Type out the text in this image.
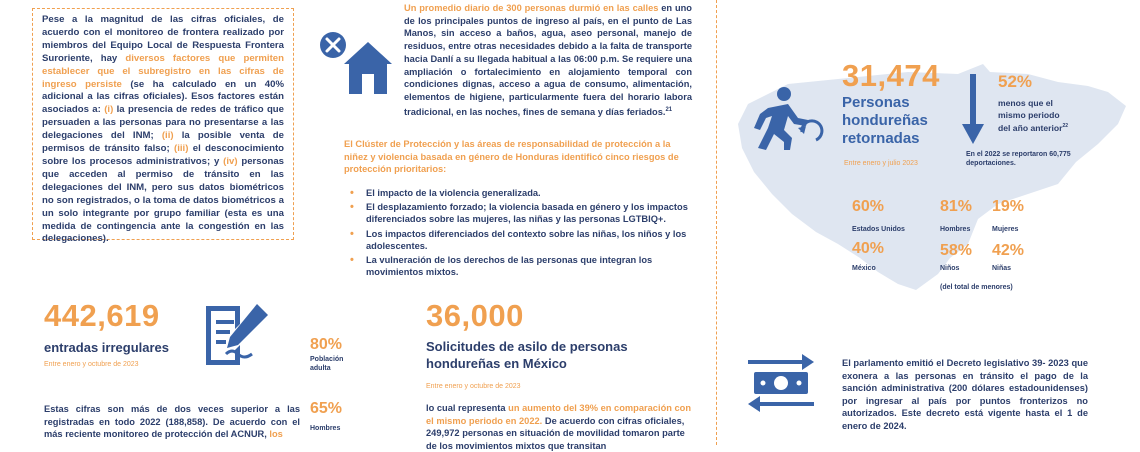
Pese a la magnitud de las cifras oficiales, de acuerdo con el monitoreo de frontera realizado por miembros del Equipo Local de Respuesta Frontera Suroriente, hay diversos factores que permiten establecer que el subregistro en las cifras de ingreso persiste (se ha calculado en un 40% adicional a las cifras oficiales). Esos factores están asociados a: (i) la presencia de redes de tráfico que persuaden a las personas para no presentarse a las delegaciones del INM; (ii) la posible venta de permisos de tránsito falso; (iii) el desconocimiento sobre los procesos administrativos; y (iv) personas que acceden al permiso de tránsito en las delegaciones del INM, pero sus datos biométricos no son registrados, o la toma de datos biométricos a un solo integrante por grupo familiar (esta es una medida de contingencia ante la congestión en las delegaciones).

Un promedio diario de 300 personas durmió en las calles en uno de los principales puntos de ingreso al país, en el punto de Las Manos, sin acceso a baños, agua, aseo personal, manejo de residuos, entre otras necesidades debido a la falta de transporte hacia Danlí a su llegada habitual a las 06:00 p.m. Se requiere una ampliación o fortalecimiento en alojamiento temporal con condiciones dignas, acceso a agua de consumo, alimentación, elementos de higiene, particularmente fuera del horario labora tradicional, en las noches, fines de semana y días feriados.$^{21}$

El Clúster de Protección y las áreas de responsabilidad de protección a la niñez y violencia basada en género de Honduras identificó cinco riesgos de protección prioritarios:

• El impacto de la violencia generalizada.
• El desplazamiento forzado; la violencia basada en género y los impactos diferenciados sobre las mujeres, las niñas y las personas LGTBIQ+.
• Los impactos diferenciados del contexto sobre las niñas, los niños y los adolescentes.
• La vulneración de los derechos de las personas que integran los movimientos mixtos.
442,619
entradas irregulares
Entre enero y octubre de 2023
80%
Población
adulta
65%
Hombres

Estas cifras son más de dos veces superior a las registradas en todo 2022 (188,858). De acuerdo con el más reciente monitoreo de protección del ACNUR, los

36,000
Solicitudes de asilo de personas
hondureñas en México
Entre enero y octubre de 2023

lo cual representa un aumento del 39% en comparación con el mismo periodo en 2022. De acuerdo con cifras oficiales, 249,972 personas en situación de movilidad tomaron parte de los movimientos mixtos que transitan

31,474
Personas
hondureñas
retornadas
Entre enero y julio 2023
52%
menos que el
mismo periodo
del año anterior$^{22}$
En el 2022 se reportaron 60,775
deportaciones.
60%
Estados Unidos
40%
México
81%
Hombres
19%
Mujeres
58%
Niños
42%
Niñas
(del total de menores)

El parlamento emitió el Decreto legislativo 39- 2023 que exonera a las personas en tránsito el pago de la sanción administrativa (200 dólares estadounidenses) por ingresar al país por puntos fronterizos no autorizados. Este decreto está vigente hasta el 1 de enero de 2024.
